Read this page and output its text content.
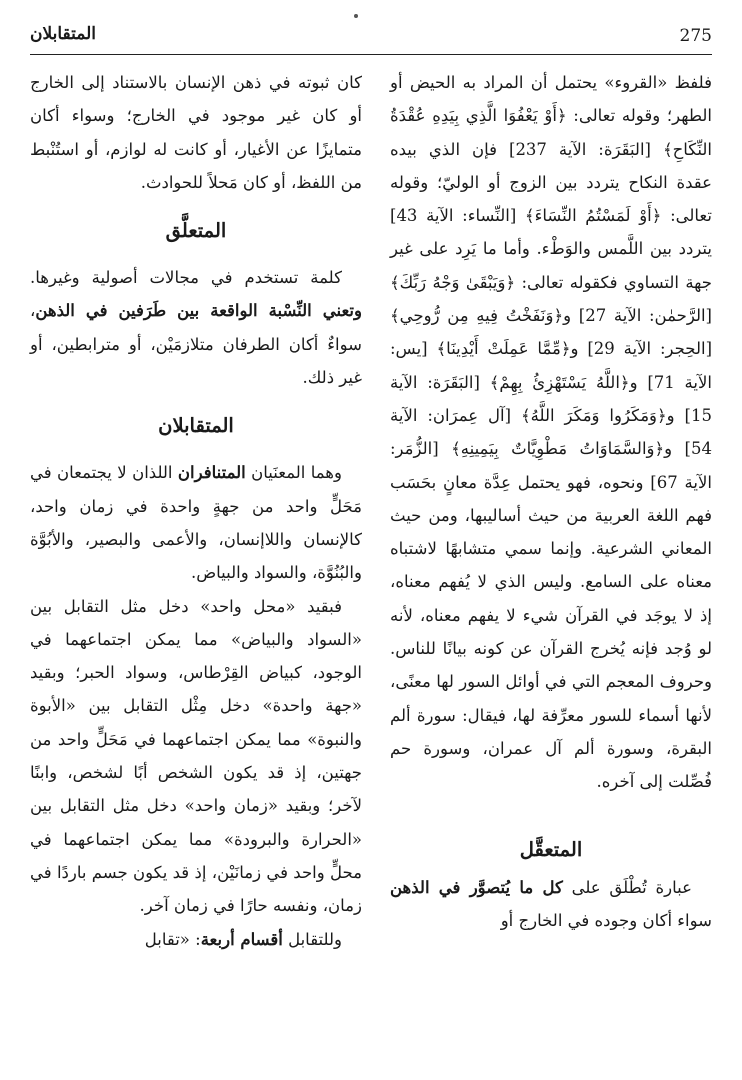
المتقابلان	275

فلفظ «القروء» يحتمل أن المراد به الحيض أو الطهر؛ وقوله تعالى: ﴿أَوْ يَعْفُوَا الَّذِي بِيَدِهِ عُقْدَةُ النِّكَاحِ﴾ [البَقَرَة: الآية 237] فإن الذي بيده عقدة النكاح يتردد بين الزوج أو الوليّ؛ وقوله تعالى: ﴿أَوْ لَمَسْتُمُ النِّسَاءَ﴾ [النِّساء: الآية 43] يتردد بين اللَّمس والوَطْء. وأما ما يَرِد على غير جهة التساوي فكقوله تعالى: ﴿وَيَبْقَىٰ وَجْهُ رَبِّكَ﴾ [الرَّحمٰن: الآية 27] و﴿وَنَفَخْتُ فِيهِ مِن رُّوحِي﴾ [الحِجر: الآية 29] و﴿مِّمَّا عَمِلَتْ أَيْدِينَا﴾ [يس: الآية 71] و﴿اللَّهُ يَسْتَهْزِئُ بِهِمْ﴾ [البَقَرَة: الآية 15] و﴿وَمَكَرُوا وَمَكَرَ اللَّهُ﴾ [آل عِمرَان: الآية 54] و﴿وَالسَّمَاوَاتُ مَطْوِيَّاتٌ بِيَمِينِهِ﴾ [الزُّمَر: الآية 67] ونحوه، فهو يحتمل عِدَّة معانٍ بحَسَب فهم اللغة العربية من حيث أساليبها، ومن حيث المعاني الشرعية. وإنما سمي متشابهًا لاشتباه معناه على السامع. وليس الذي لا يُفهم معناه، إذ لا يوجَد في القرآن شيء لا يفهم معناه، لأنه لو وُجد فإنه يُخرج القرآن عن كونه بيانًا للناس. وحروف المعجم التي في أوائل السور لها معنًى، لأنها أسماء للسور معرِّفة لها، فيقال: سورة ألم البقرة، وسورة ألم آل عمران، وسورة حم فُصِّلت إلى آخره.

المتعقَّل

عبارة تُطْلَق على كل ما يُتصوَّر في الذهن سواء أكان وجوده في الخارج أو

كان ثبوته في ذهن الإنسان بالاستناد إلى الخارج أو كان غير موجود في الخارج؛ وسواء أكان متمايزًا عن الأغيار، أو كانت له لوازم، أو استُنْبط من اللفظ، أو كان مَحلاً للحوادث.

المتعلَّق

كلمة تستخدم في مجالات أصولية وغيرها. وتعني النِّسْبة الواقعة بين طَرَفين في الذهن، سواءٌ أكان الطرفان متلازمَيْن، أو مترابطين، أو غير ذلك.

المتقابلان

وهما المعنَيان المتنافران اللذان لا يجتمعان في مَحَلٍّ واحد من جهةٍ واحدة في زمان واحد، كالإنسان واللاإنسان، والأعمى والبصير، والأبُوَّة والبُنُوَّة، والسواد والبياض.

فبقيد «محل واحد» دخل مثل التقابل بين «السواد والبياض» مما يمكن اجتماعهما في الوجود، كبياض القِرْطاس، وسواد الحبر؛ وبقيد «جهة واحدة» دخل مِثْل التقابل بين «الأبوة والنبوة» مما يمكن اجتماعهما في مَحَلٍّ واحد من جهتين، إذ قد يكون الشخص أبًا لشخص، وابنًا لآخر؛ وبقيد «زمان واحد» دخل مثل التقابل بين «الحرارة والبرودة» مما يمكن اجتماعهما في محلٍّ واحد في زمانَيْن، إذ قد يكون جسم باردًا في زمان، ونفسه حارًا في زمان آخر.

وللتقابل أقسام أربعة: «تقابل
